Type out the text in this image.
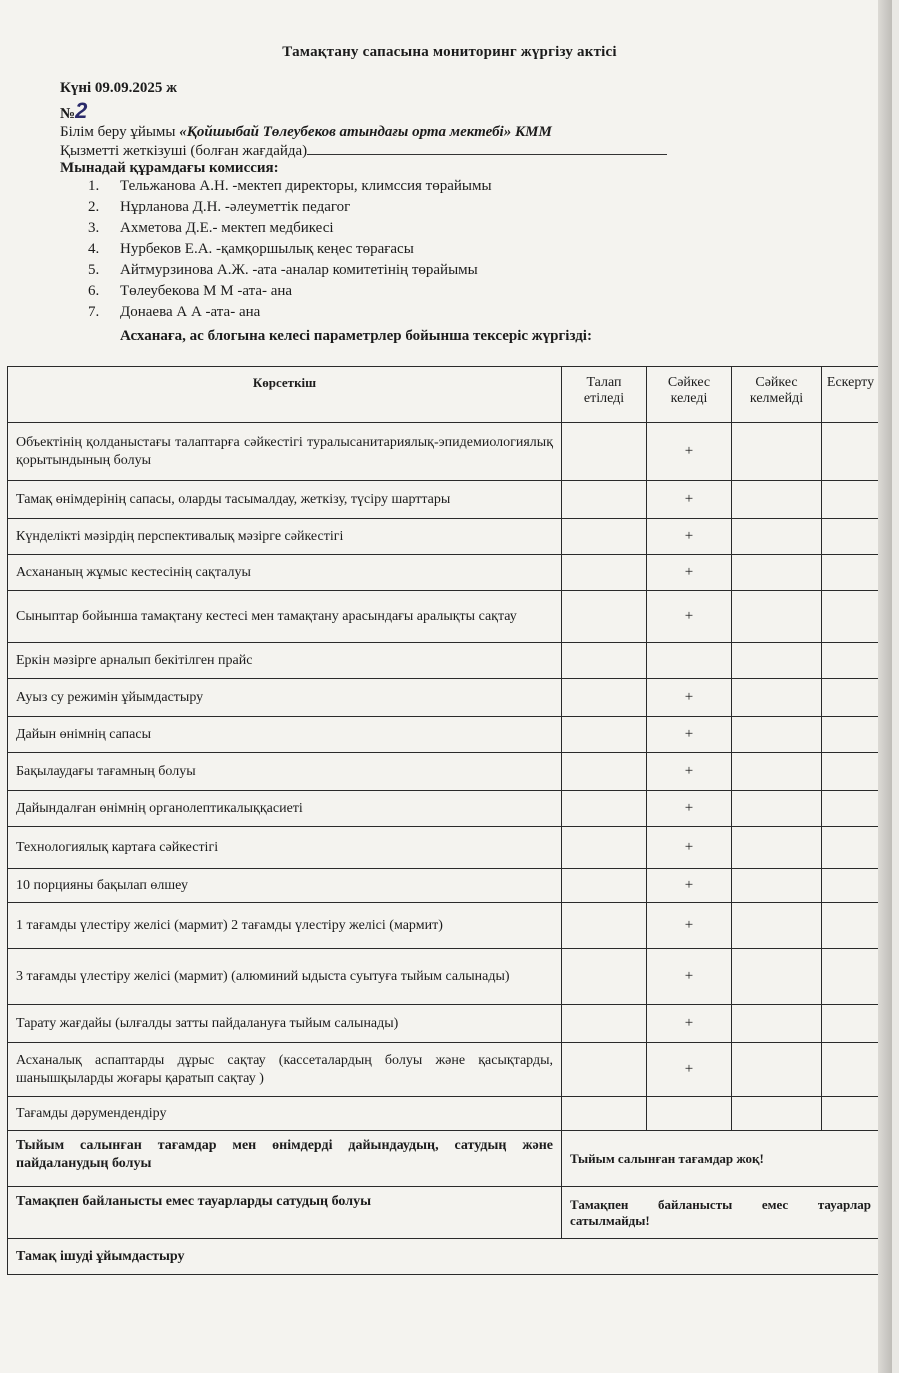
Тамақтану сапасына мониторинг жүргізу актісі
Күні 09.09.2025 ж
№2
Білім беру ұйымы «Қойшыбай Төлеубеков атындағы орта мектебі» КММ
Қызметті жеткізуші (болған жағдайда)
Мынадай құрамдағы комиссия:
1. Тельжанова А.Н. -мектеп директоры, климссия төрайымы
2. Нұрланова Д.Н. -әлеуметтік педагог
3. Ахметова Д.Е.- мектеп медбикесі
4. Нурбеков Е.А. -қамқоршылық кеңес төрағасы
5. Айтмурзинова А.Ж. -ата -аналар комитетінің төрайымы
6. Төлеубекова М М -ата- ана
7. Донаева А А -ата- ана
Асханаға, ас блогына келесі параметрлер бойынша тексеріс жүргізді:
Көрсеткіш	Талап етіледі	Сәйкес келеді	Сәйкес келмейді	Ескерту
Объектінің қолданыстағы талаптарға сәйкестігі туралысанитариялық-эпидемиологиялық қорытындының болуы		+		
Тамақ өнімдерінің сапасы, оларды тасымалдау, жеткізу, түсіру шарттары		+		
Күнделікті мәзірдің перспективалық мәзірге сәйкестігі		+		
Асхананың жұмыс кестесінің сақталуы		+		
Сыныптар бойынша тамақтану кестесі мен тамақтану арасындағы аралықты сақтау		+		
Еркін мәзірге арналып бекітілген прайс				
Ауыз су режимін ұйымдастыру		+		
Дайын өнімнің сапасы		+		
Бақылаудағы тағамның болуы		+		
Дайындалған өнімнің органолептикалыққасиеті		+		
Технологиялық картаға сәйкестігі		+		
10 порцияны бақылап өлшеу		+		
1 тағамды үлестіру желісі (мармит) 2 тағамды үлестіру желісі (мармит)		+		
3 тағамды үлестіру желісі (мармит) (алюминий ыдыста суытуға тыйым салынады)		+		
Тарату жағдайы (ылғалды затты пайдалануға тыйым салынады)		+		
Асханалық аспаптарды дұрыс сақтау (кассеталардың болуы және қасықтарды, шанышқыларды жоғары қаратып сақтау )		+		
Тағамды дәрумендендіру				
Тыйым салынған тағамдар мен өнімдерді дайындаудың, сатудың және пайдаланудың болуы	Тыйым салынған тағамдар жоқ!			
Тамақпен байланысты емес тауарларды сатудың болуы	Тамақпен байланысты емес тауарлар сатылмайды!			
Тамақ ішуді ұйымдастыру				
